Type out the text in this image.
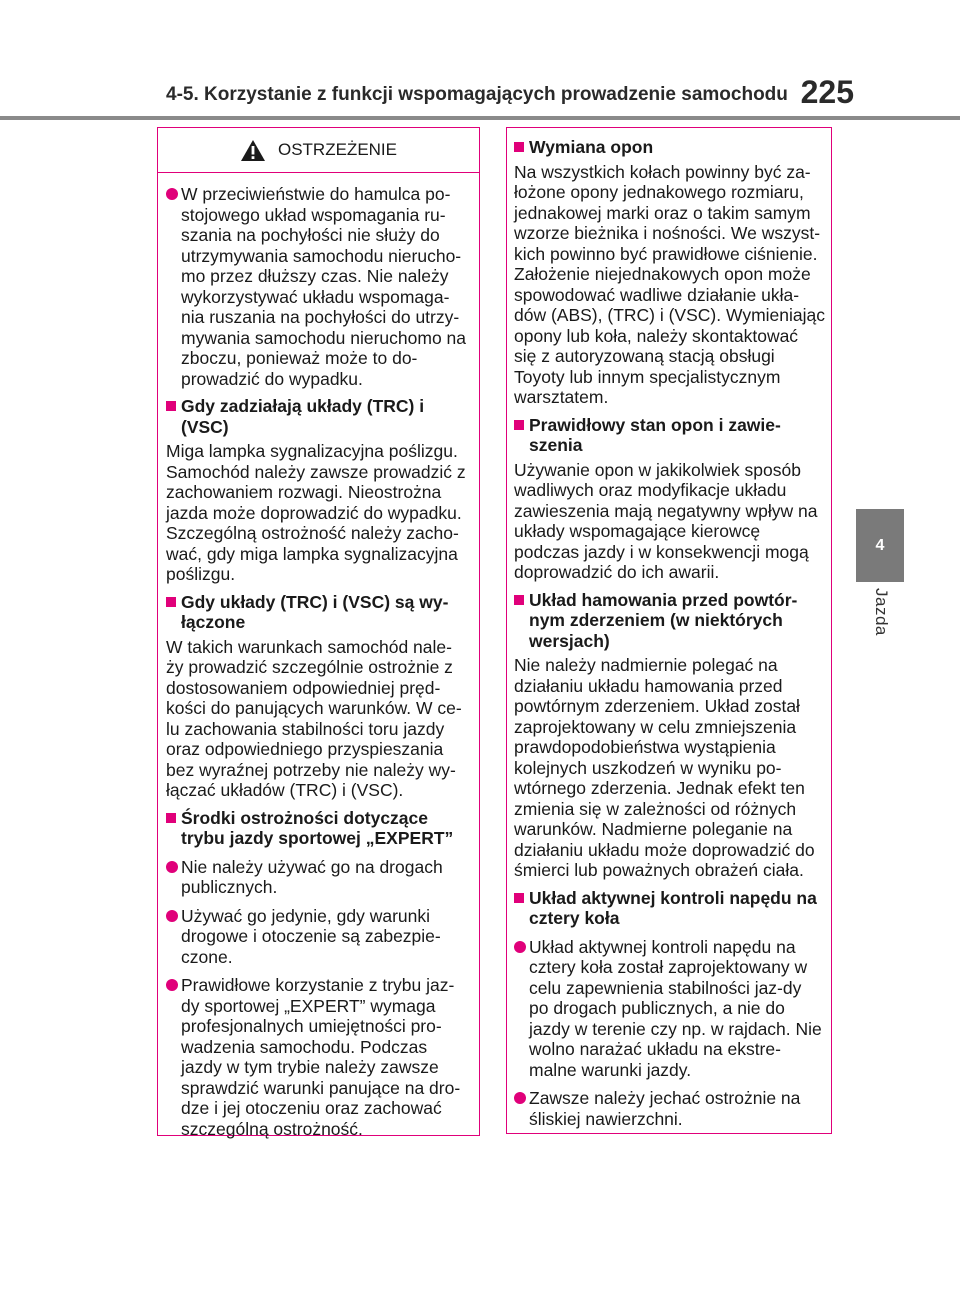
4-5. Korzystanie z funkcji wspomagających prowadzenie samochodu 225
4
Jazda
OSTRZEŻENIE
W przeciwieństwie do hamulca po-stojowego układ wspomagania ru-szania na pochyłości nie służy do utrzymywania samochodu nierucho-mo przez dłuższy czas. Nie należy wykorzystywać układu wspomaga-nia ruszania na pochyłości do utrzy-mywania samochodu nieruchomo na zboczu, ponieważ może to do-prowadzić do wypadku.
Gdy zadziałają układy (TRC) i (VSC)
Miga lampka sygnalizacyjna poślizgu. Samochód należy zawsze prowadzić z zachowaniem rozwagi. Nieostrożna jazda może doprowadzić do wypadku. Szczególną ostrożność należy zacho-wać, gdy miga lampka sygnalizacyjna poślizgu.
Gdy układy (TRC) i (VSC) są wy-łączone
W takich warunkach samochód nale-ży prowadzić szczególnie ostrożnie z dostosowaniem odpowiedniej pręd-kości do panujących warunków. W ce-lu zachowania stabilności toru jazdy oraz odpowiedniego przyspieszania bez wyraźnej potrzeby nie należy wy-łączać układów (TRC) i (VSC).
Środki ostrożności dotyczące trybu jazdy sportowej „EXPERT”
Nie należy używać go na drogach publicznych.
Używać go jedynie, gdy warunki drogowe i otoczenie są zabezpie-czone.
Prawidłowe korzystanie z trybu jaz-dy sportowej „EXPERT” wymaga profesjonalnych umiejętności pro-wadzenia samochodu. Podczas jazdy w tym trybie należy zawsze sprawdzić warunki panujące na dro-dze i jej otoczeniu oraz zachować szczególną ostrożność.
Wymiana opon
Na wszystkich kołach powinny być za-łożone opony jednakowego rozmiaru, jednakowej marki oraz o takim samym wzorze bieżnika i nośności. We wszyst-kich powinno być prawidłowe ciśnienie. Założenie niejednakowych opon może spowodować wadliwe działanie ukła-dów (ABS), (TRC) i (VSC). Wymieniając opony lub koła, należy skontaktować się z autoryzowaną stacją obsługi Toyoty lub innym specjalistycznym warsztatem.
Prawidłowy stan opon i zawie-szenia
Używanie opon w jakikolwiek sposób wadliwych oraz modyfikacje układu zawieszenia mają negatywny wpływ na układy wspomagające kierowcę podczas jazdy i w konsekwencji mogą doprowadzić do ich awarii.
Układ hamowania przed powtór-nym zderzeniem (w niektórych wersjach)
Nie należy nadmiernie polegać na działaniu układu hamowania przed powtórnym zderzeniem. Układ został zaprojektowany w celu zmniejszenia prawdopodobieństwa wystąpienia kolejnych uszkodzeń w wyniku po-wtórnego zderzenia. Jednak efekt ten zmienia się w zależności od różnych warunków. Nadmierne poleganie na działaniu układu może doprowadzić do śmierci lub poważnych obrażeń ciała.
Układ aktywnej kontroli napędu na cztery koła
Układ aktywnej kontroli napędu na cztery koła został zaprojektowany w celu zapewnienia stabilności jaz-dy po drogach publicznych, a nie do jazdy w terenie czy np. w rajdach. Nie wolno narażać układu na ekstre-malne warunki jazdy.
Zawsze należy jechać ostrożnie na śliskiej nawierzchni.
